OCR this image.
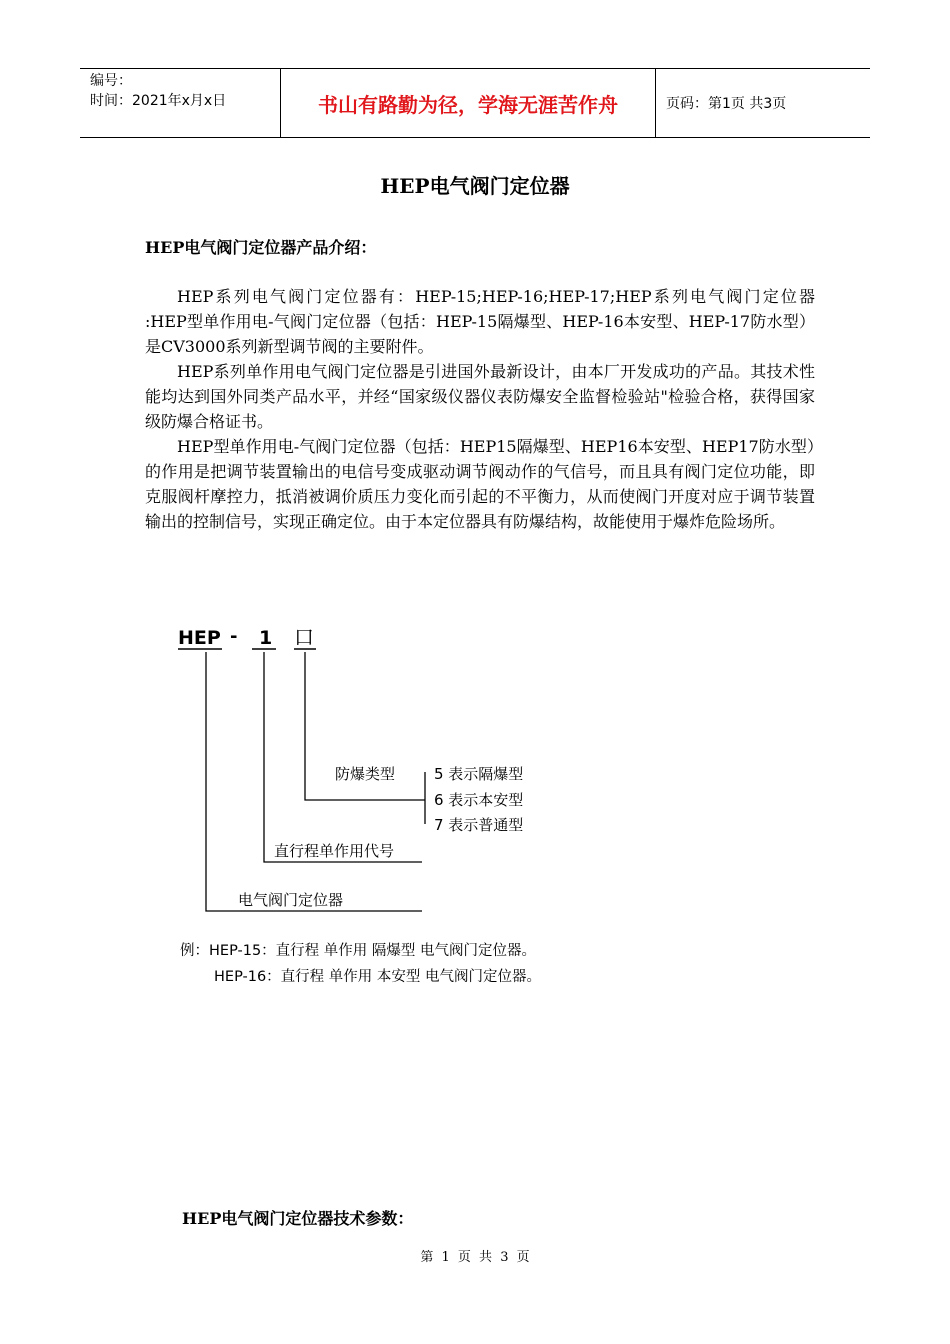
编号：
时间：2021年x月x日	书山有路勤为径，学海无涯苦作舟	页码：第1页 共3页
HEP电气阀门定位器
HEP电气阀门定位器产品介绍：

HEP系列电气阀门定位器有：HEP-15;HEP-16;HEP-17;HEP系列电气阀门定位器 :HEP型单作用电-气阀门定位器（包括：HEP-15隔爆型、HEP-16本安型、HEP-17防水型）是CV3000系列新型调节阀的主要附件。

HEP系列单作用电气阀门定位器是引进国外最新设计，由本厂开发成功的产品。其技术性能均达到国外同类产品水平，并经“国家级仪器仪表防爆安全监督检验站"检验合格，获得国家级防爆合格证书。

HEP型单作用电-气阀门定位器（包括：HEP15隔爆型、HEP16本安型、HEP17防水型）的作用是把调节装置输出的电信号变成驱动调节阀动作的气信号，而且具有阀门定位功能，即克服阀杆摩控力，抵消被调价质压力变化而引起的不平衡力，从而使阀门开度对应于调节装置输出的控制信号，实现正确定位。由于本定位器具有防爆结构，故能使用于爆炸危险场所。

HEP - 1 口
防爆类型	5 表示隔爆型
6 表示本安型
7 表示普通型
直行程单作用代号
电气阀门定位器
例：HEP-15：直行程 单作用 隔爆型 电气阀门定位器。
HEP-16：直行程 单作用 本安型 电气阀门定位器。
HEP电气阀门定位器技术参数：
第 1 页 共 3 页
